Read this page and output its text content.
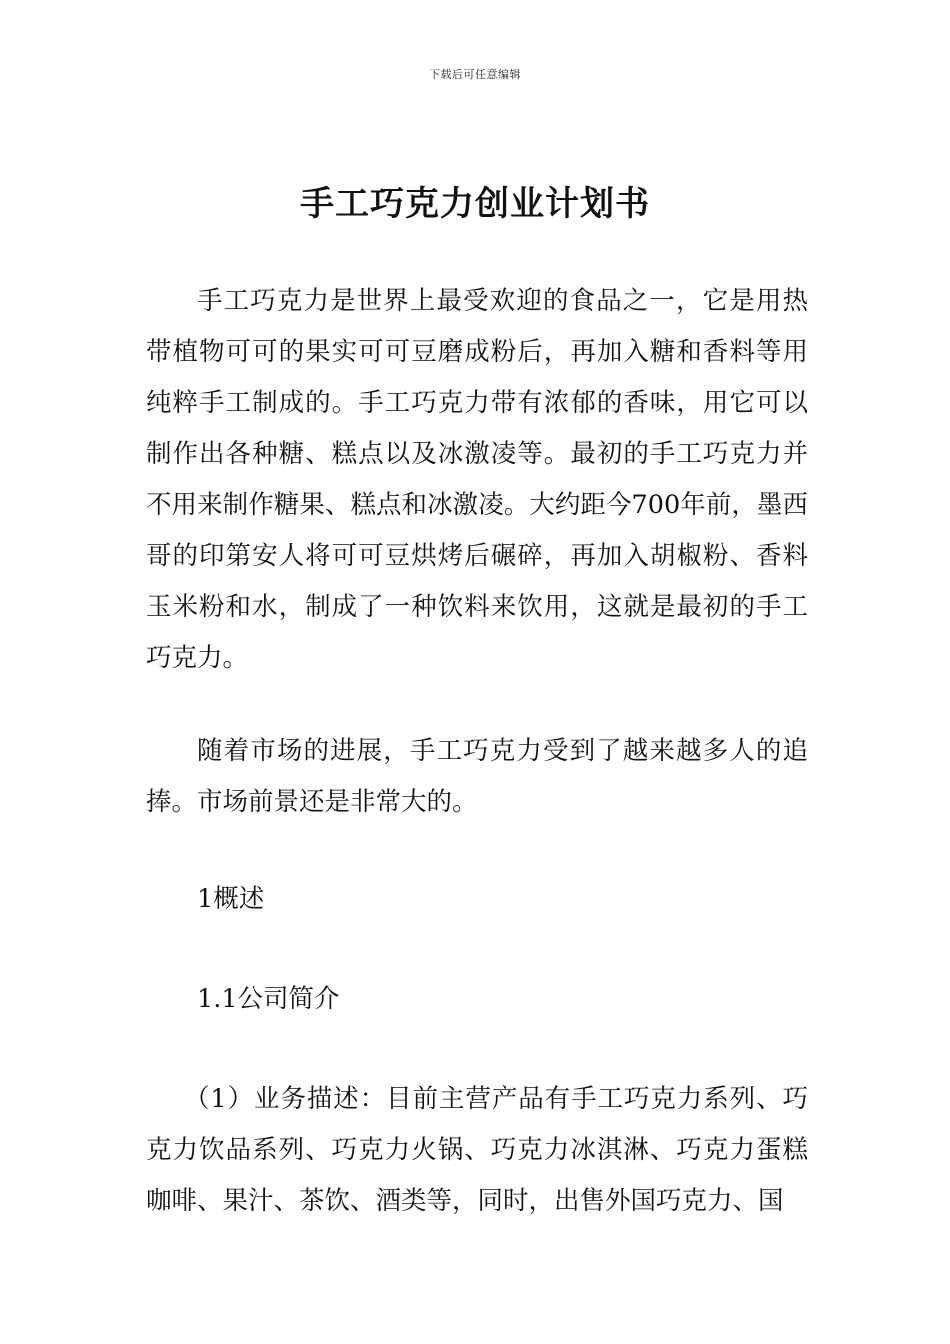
下载后可任意编辑
手工巧克力创业计划书

手工巧克力是世界上最受欢迎的食品之一，它是用热带植物可可的果实可可豆磨成粉后，再加入糖和香料等用纯粹手工制成的。手工巧克力带有浓郁的香味，用它可以制作出各种糖、糕点以及冰激凌等。最初的手工巧克力并不用来制作糖果、糕点和冰激凌。大约距今700年前，墨西哥的印第安人将可可豆烘烤后碾碎，再加入胡椒粉、香料玉米粉和水，制成了一种饮料来饮用，这就是最初的手工巧克力。

随着市场的进展，手工巧克力受到了越来越多人的追捧。市场前景还是非常大的。

1概述

1.1公司简介

（1）业务描述：目前主营产品有手工巧克力系列、巧克力饮品系列、巧克力火锅、巧克力冰淇淋、巧克力蛋糕咖啡、果汁、茶饮、酒类等，同时，出售外国巧克力、国
